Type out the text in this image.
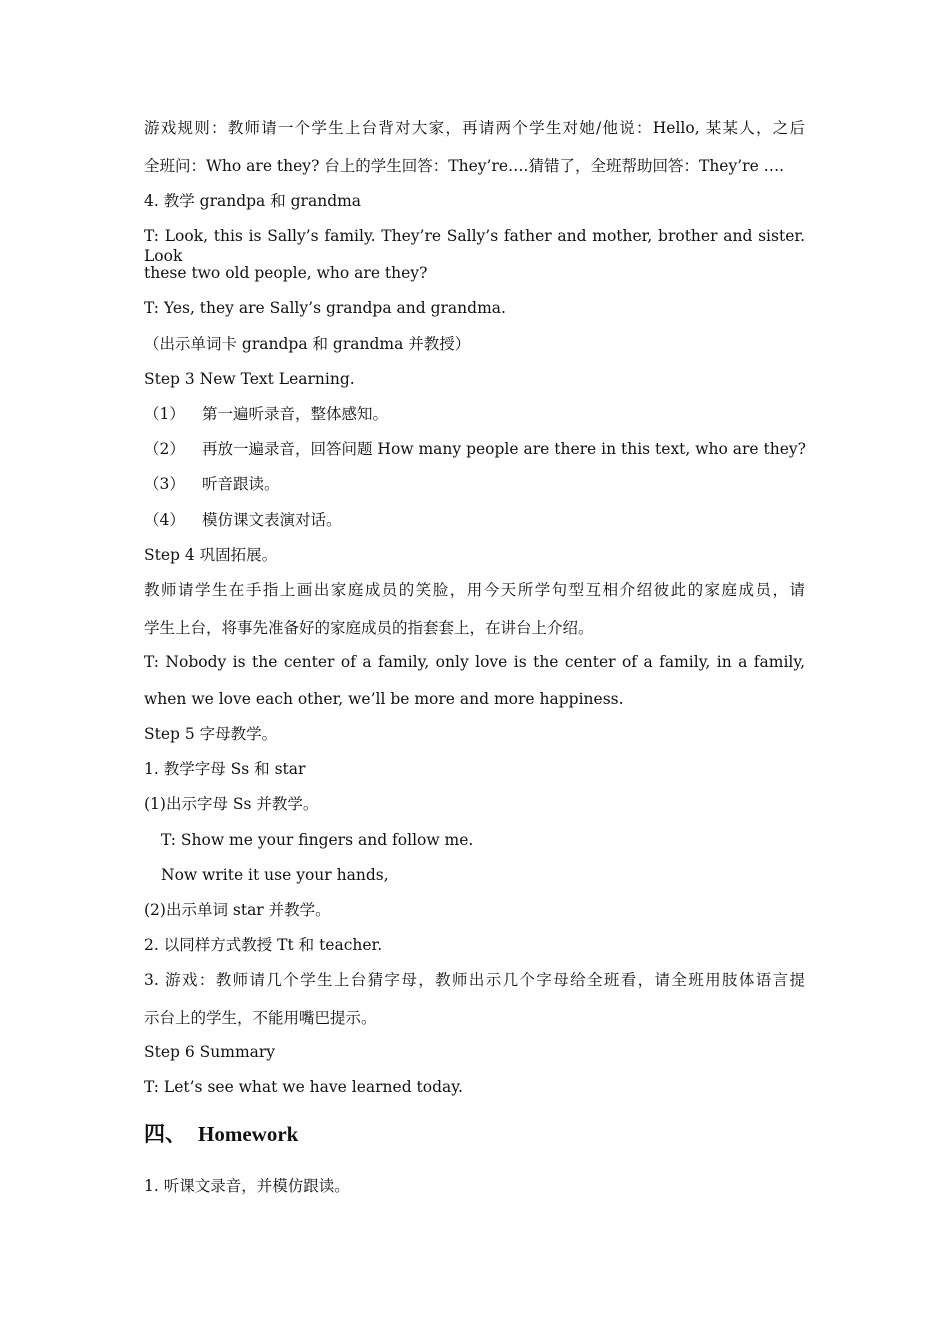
游戏规则：教师请一个学生上台背对大家，再请两个学生对她/他说：Hello, 某某人，之后
全班问：Who are they? 台上的学生回答：They’re….猜错了，全班帮助回答：They’re ….
4. 教学 grandpa 和 grandma
T: Look, this is Sally’s family. They’re Sally’s father and mother, brother and sister. Look
these two old people, who are they?
T: Yes, they are Sally’s grandpa and grandma.
（出示单词卡 grandpa 和 grandma 并教授）
Step 3 New Text Learning.
（1） 第一遍听录音，整体感知。
（2） 再放一遍录音，回答问题 How many people are there in this text, who are they?
（3） 听音跟读。
（4） 模仿课文表演对话。
Step 4 巩固拓展。
教师请学生在手指上画出家庭成员的笑脸，用今天所学句型互相介绍彼此的家庭成员，请
学生上台，将事先准备好的家庭成员的指套套上，在讲台上介绍。
T: Nobody is the center of a family, only love is the center of a family, in a family,
when we love each other, we’ll be more and more happiness.
Step 5 字母教学。
1. 教学字母 Ss 和 star
(1)出示字母 Ss 并教学。
T: Show me your fingers and follow me.
Now write it use your hands,
(2)出示单词 star 并教学。
2. 以同样方式教授 Tt 和 teacher.
3. 游戏：教师请几个学生上台猜字母，教师出示几个字母给全班看，请全班用肢体语言提
示台上的学生，不能用嘴巴提示。
Step 6 Summary
T: Let’s see what we have learned today.
四、 Homework
1. 听课文录音，并模仿跟读。
